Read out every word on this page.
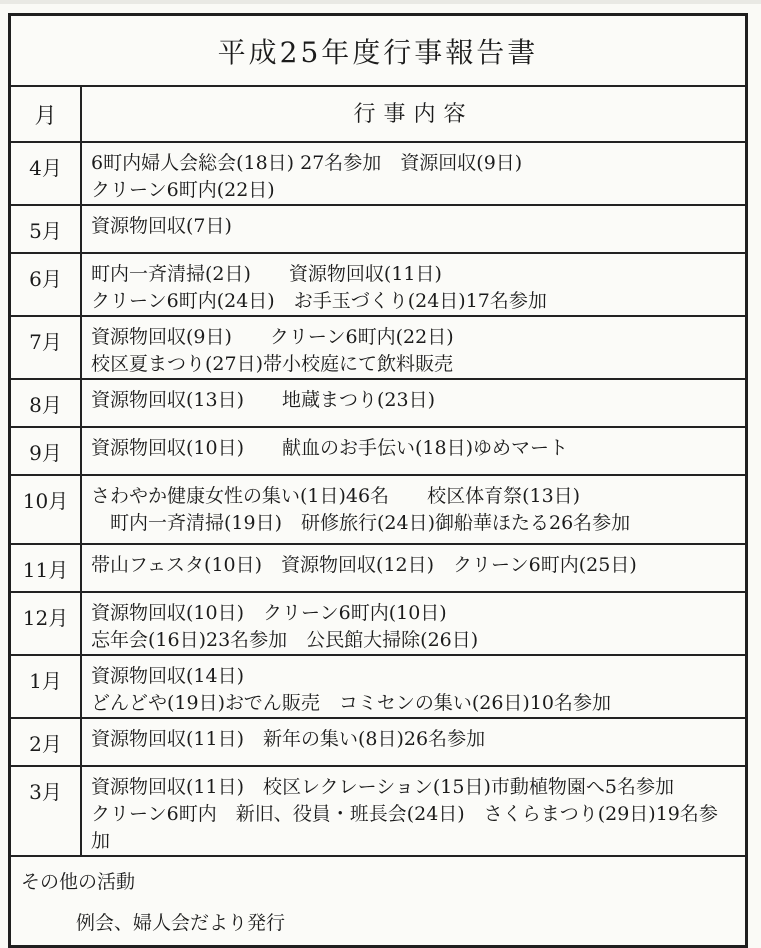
平成25年度行事報告書
月	行事内容
4月	6町内婦人会総会(18日) 27名参加　資源回収(9日)
クリーン6町内(22日)
5月	資源物回収(7日)
6月	町内一斉清掃(2日)　　資源物回収(11日)
クリーン6町内(24日)　お手玉づくり(24日)17名参加
7月	資源物回収(9日)　　クリーン6町内(22日)
校区夏まつり(27日)帯小校庭にて飲料販売
8月	資源物回収(13日)　　地蔵まつり(23日)
9月	資源物回収(10日)　　献血のお手伝い(18日)ゆめマート
10月	さわやか健康女性の集い(1日)46名　　校区体育祭(13日)
　町内一斉清掃(19日)　研修旅行(24日)御船華ほたる26名参加
11月	帯山フェスタ(10日)　資源物回収(12日)　クリーン6町内(25日)
12月	資源物回収(10日)　クリーン6町内(10日)
忘年会(16日)23名参加　公民館大掃除(26日)
1月	資源物回収(14日)
どんどや(19日)おでん販売　コミセンの集い(26日)10名参加
2月	資源物回収(11日)　新年の集い(8日)26名参加
3月	資源物回収(11日)　校区レクレーション(15日)市動植物園へ5名参加
クリーン6町内　新旧、役員・班長会(24日)　さくらまつり(29日)19名参加
その他の活動
例会、婦人会だより発行
